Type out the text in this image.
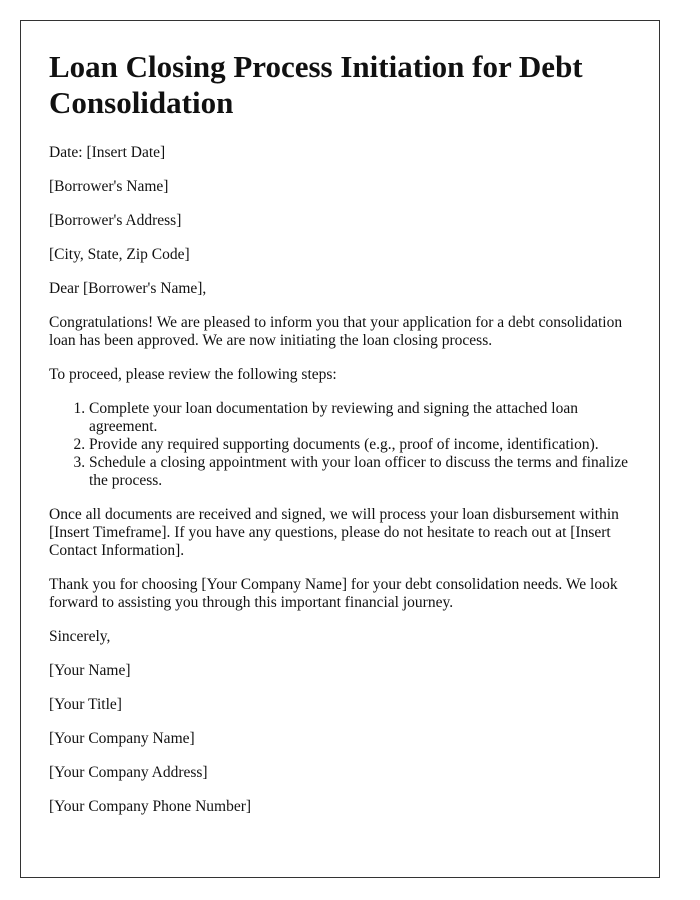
Loan Closing Process Initiation for Debt Consolidation

Date: [Insert Date]

[Borrower's Name]

[Borrower's Address]

[City, State, Zip Code]

Dear [Borrower's Name],

Congratulations! We are pleased to inform you that your application for a debt consolidation loan has been approved. We are now initiating the loan closing process.

To proceed, please review the following steps:

1. Complete your loan documentation by reviewing and signing the attached loan agreement.
2. Provide any required supporting documents (e.g., proof of income, identification).
3. Schedule a closing appointment with your loan officer to discuss the terms and finalize the process.

Once all documents are received and signed, we will process your loan disbursement within [Insert Timeframe]. If you have any questions, please do not hesitate to reach out at [Insert Contact Information].

Thank you for choosing [Your Company Name] for your debt consolidation needs. We look forward to assisting you through this important financial journey.

Sincerely,

[Your Name]

[Your Title]

[Your Company Name]

[Your Company Address]

[Your Company Phone Number]
